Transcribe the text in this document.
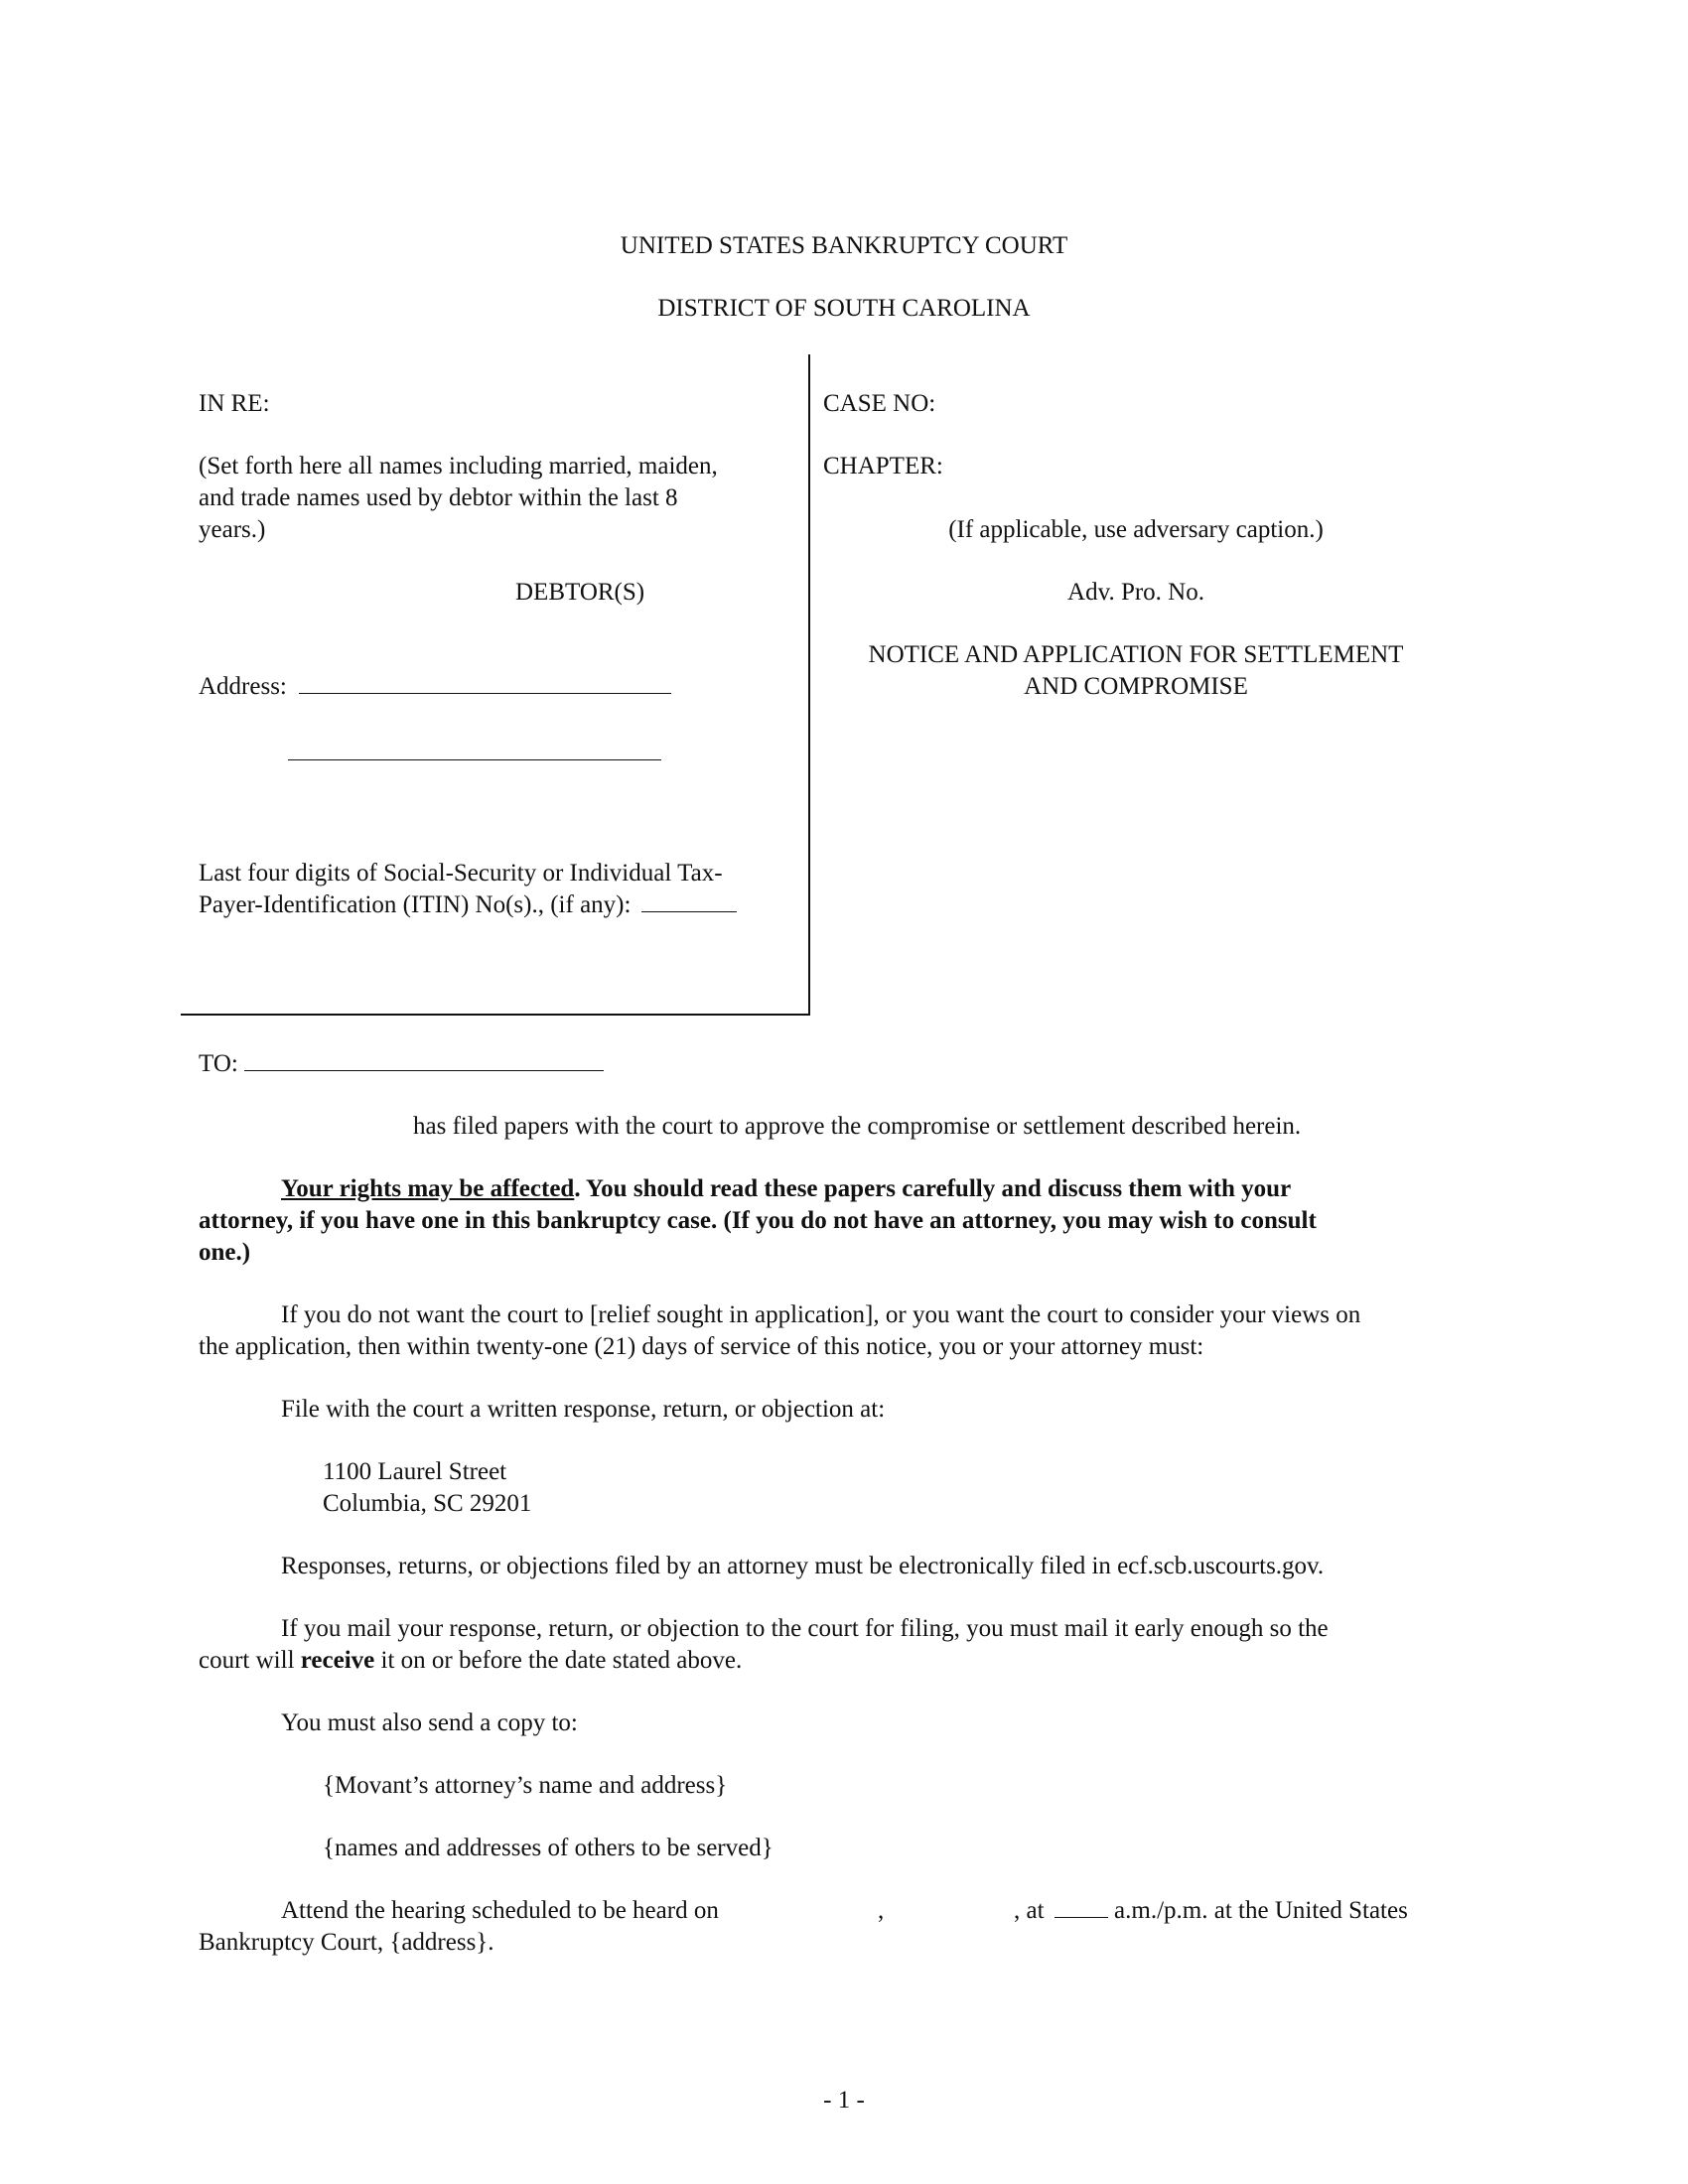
UNITED STATES BANKRUPTCY COURT
DISTRICT OF SOUTH CAROLINA
IN RE:
(Set forth here all names including married, maiden,
and trade names used by debtor within the last 8
years.)
DEBTOR(S)
Address:
Last four digits of Social-Security or Individual Tax-
Payer-Identification (ITIN) No(s)., (if any):
CASE NO:
CHAPTER:
(If applicable, use adversary caption.)
Adv. Pro. No.
NOTICE AND APPLICATION FOR SETTLEMENT
AND COMPROMISE
TO:
has filed papers with the court to approve the compromise or settlement described herein.
Your rights may be affected. You should read these papers carefully and discuss them with your
attorney, if you have one in this bankruptcy case. (If you do not have an attorney, you may wish to consult
one.)
If you do not want the court to [relief sought in application], or you want the court to consider your views on
the application, then within twenty-one (21) days of service of this notice, you or your attorney must:
File with the court a written response, return, or objection at:
1100 Laurel Street
Columbia, SC 29201
Responses, returns, or objections filed by an attorney must be electronically filed in ecf.scb.uscourts.gov.
If you mail your response, return, or objection to the court for filing, you must mail it early enough so the
court will receive it on or before the date stated above.
You must also send a copy to:
{Movant’s attorney’s name and address}
{names and addresses of others to be served}
Attend the hearing scheduled to be heard on	,	, at	a.m./p.m. at the United States
Bankruptcy Court, {address}.
- 1 -
